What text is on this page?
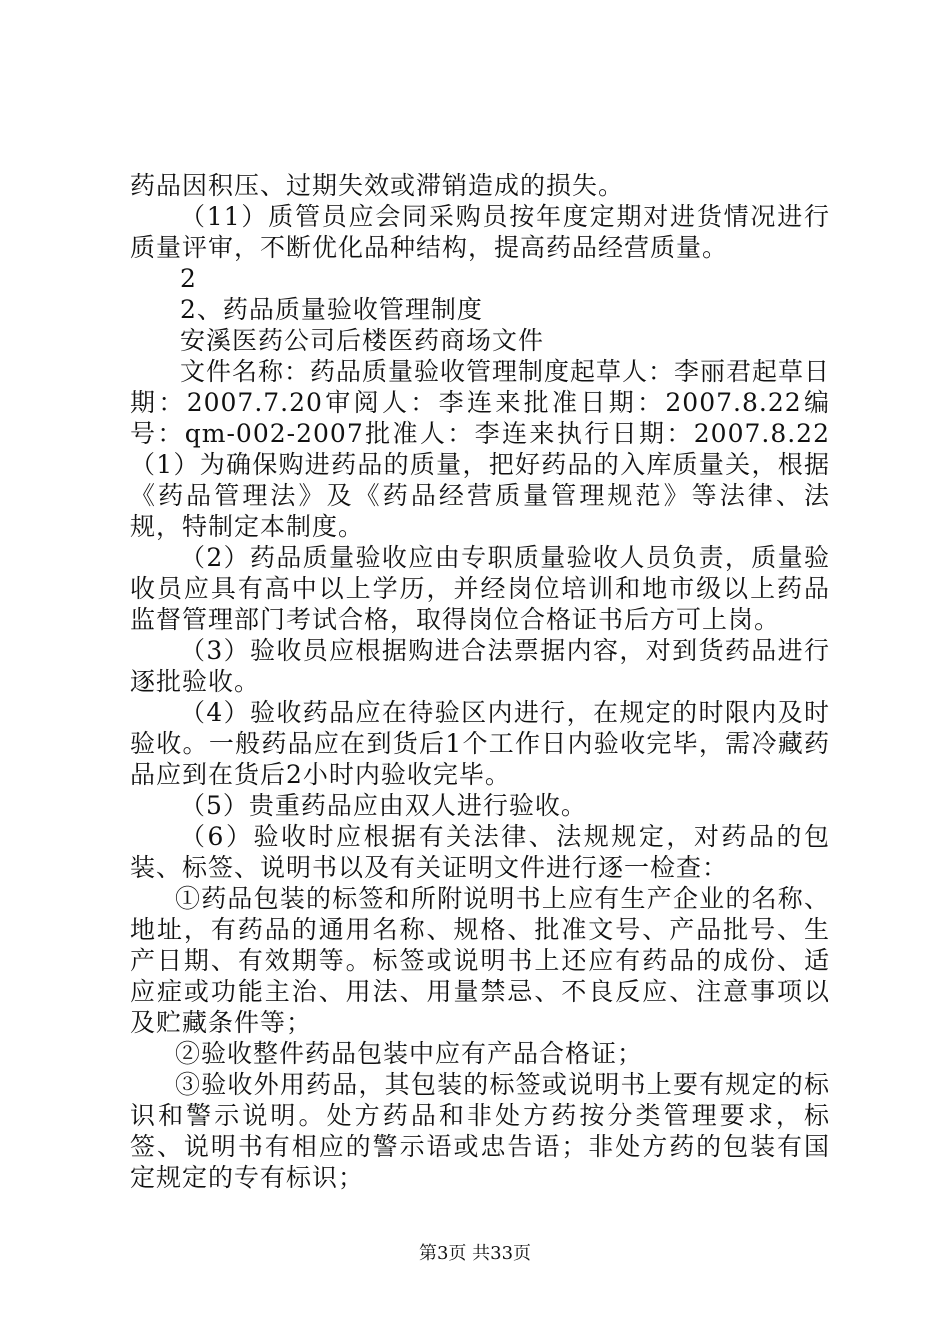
药品因积压、过期失效或滞销造成的损失。

（11）质管员应会同采购员按年度定期对进货情况进行质量评审，不断优化品种结构，提高药品经营质量。

2

2、药品质量验收管理制度

安溪医药公司后楼医药商场文件

文件名称：药品质量验收管理制度起草人：李丽君起草日期：2007.7.20审阅人：李连来批准日期：2007.8.22编号：qm-002-2007批准人：李连来执行日期：2007.8.22（1）为确保购进药品的质量，把好药品的入库质量关，根据《药品管理法》及《药品经营质量管理规范》等法律、法规，特制定本制度。

（2）药品质量验收应由专职质量验收人员负责，质量验收员应具有高中以上学历，并经岗位培训和地市级以上药品监督管理部门考试合格，取得岗位合格证书后方可上岗。

（3）验收员应根据购进合法票据内容，对到货药品进行逐批验收。

（4）验收药品应在待验区内进行，在规定的时限内及时验收。一般药品应在到货后1个工作日内验收完毕，需冷藏药品应到在货后2小时内验收完毕。

（5）贵重药品应由双人进行验收。

（6）验收时应根据有关法律、法规规定，对药品的包装、标签、说明书以及有关证明文件进行逐一检查：

①药品包装的标签和所附说明书上应有生产企业的名称、地址，有药品的通用名称、规格、批准文号、产品批号、生产日期、有效期等。标签或说明书上还应有药品的成份、适应症或功能主治、用法、用量禁忌、不良反应、注意事项以及贮藏条件等；

②验收整件药品包装中应有产品合格证；

③验收外用药品，其包装的标签或说明书上要有规定的标识和警示说明。处方药品和非处方药按分类管理要求，标签、说明书有相应的警示语或忠告语；非处方药的包装有国定规定的专有标识；

第3页 共33页
